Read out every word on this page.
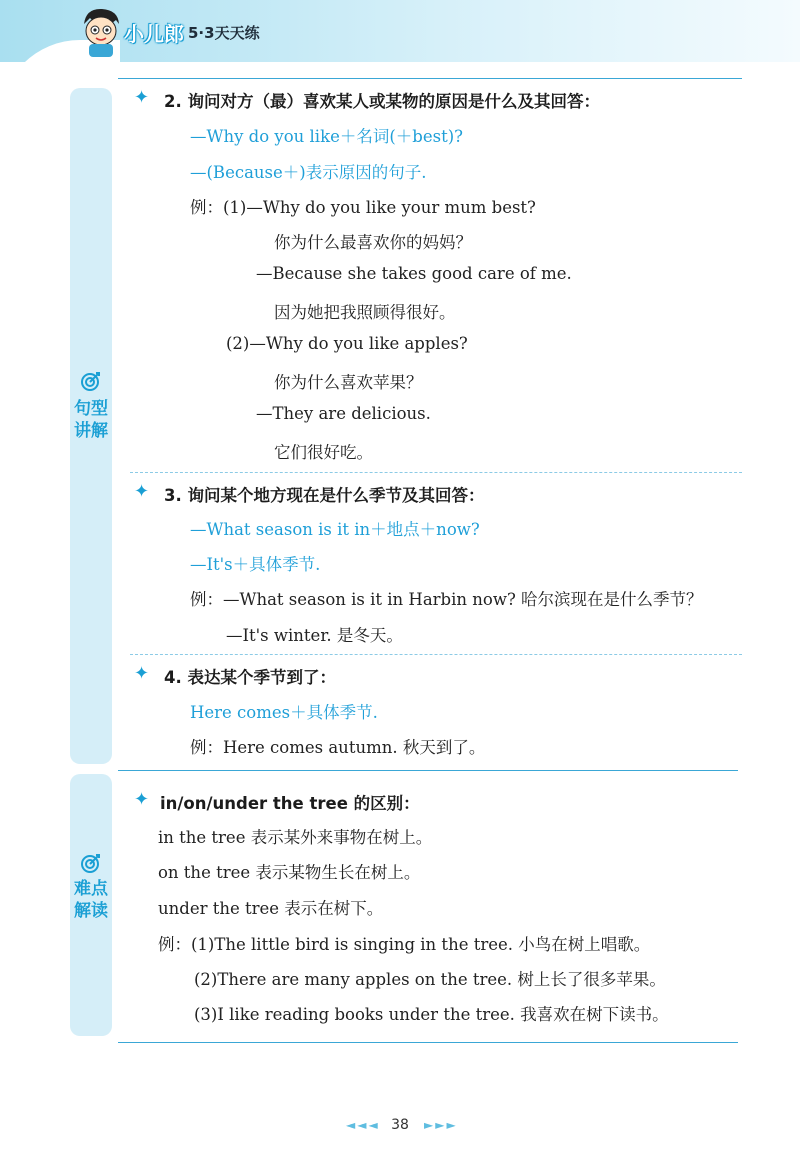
小儿郎 5·3天天练
句型讲解
难点解读
✦ 2. 询问对方（最）喜欢某人或某物的原因是什么及其回答：
—Why do you like＋名词(＋best)?
—(Because＋)表示原因的句子.
例：(1)—Why do you like your mum best?
你为什么最喜欢你的妈妈？
—Because she takes good care of me.
因为她把我照顾得很好。
(2)—Why do you like apples?
你为什么喜欢苹果？
—They are delicious.
它们很好吃。
✦ 3. 询问某个地方现在是什么季节及其回答：
—What season is it in＋地点＋now?
—It's＋具体季节.
例：—What season is it in Harbin now? 哈尔滨现在是什么季节？
—It's winter. 是冬天。
✦ 4. 表达某个季节到了：
Here comes＋具体季节.
例：Here comes autumn. 秋天到了。
✦ in/on/under the tree 的区别：
in the tree 表示某外来事物在树上。
on the tree 表示某物生长在树上。
under the tree 表示在树下。
例：(1)The little bird is singing in the tree. 小鸟在树上唱歌。
(2)There are many apples on the tree. 树上长了很多苹果。
(3)I like reading books under the tree. 我喜欢在树下读书。
◄◄◄ 38	►►►
